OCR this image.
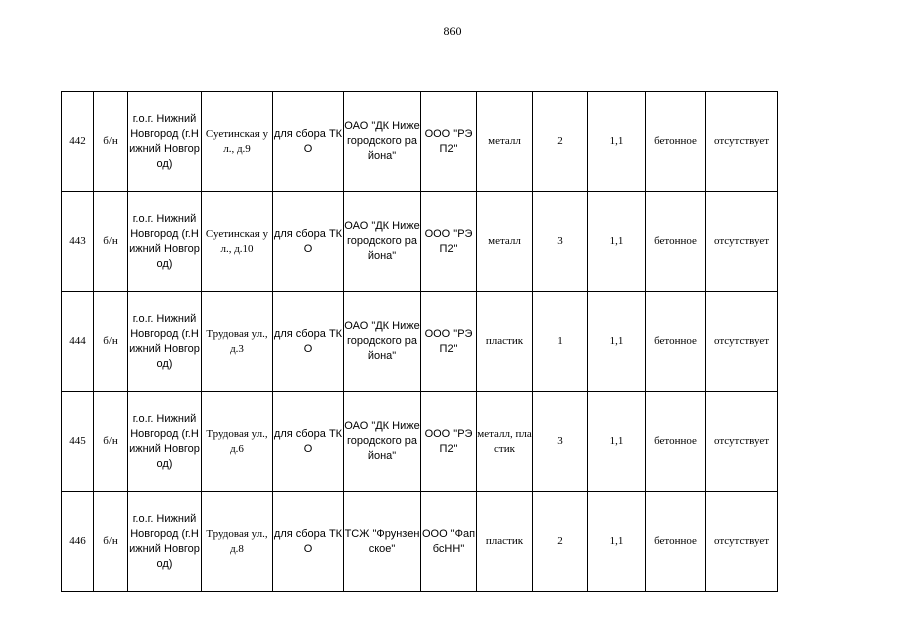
860
442	б/н	г.о.г. Нижний Новгород (г.Нижний Новгород)	Суетинская ул., д.9	для сбора ТКО	ОАО "ДК Нижегородского района"	ООО "РЭП2"	металл	2	1,1	бетонное	отсутствует
443	б/н	г.о.г. Нижний Новгород (г.Нижний Новгород)	Суетинская ул., д.10	для сбора ТКО	ОАО "ДК Нижегородского района"	ООО "РЭП2"	металл	3	1,1	бетонное	отсутствует
444	б/н	г.о.г. Нижний Новгород (г.Нижний Новгород)	Трудовая ул., д.3	для сбора ТКО	ОАО "ДК Нижегородского района"	ООО "РЭП2"	пластик	1	1,1	бетонное	отсутствует
445	б/н	г.о.г. Нижний Новгород (г.Нижний Новгород)	Трудовая ул., д.6	для сбора ТКО	ОАО "ДК Нижегородского района"	ООО "РЭП2"	металл, пластик	3	1,1	бетонное	отсутствует
446	б/н	г.о.г. Нижний Новгород (г.Нижний Новгород)	Трудовая ул., д.8	для сбора ТКО	ТСЖ "Фрунзенское"	ООО "ФапбсНН"	пластик	2	1,1	бетонное	отсутствует
